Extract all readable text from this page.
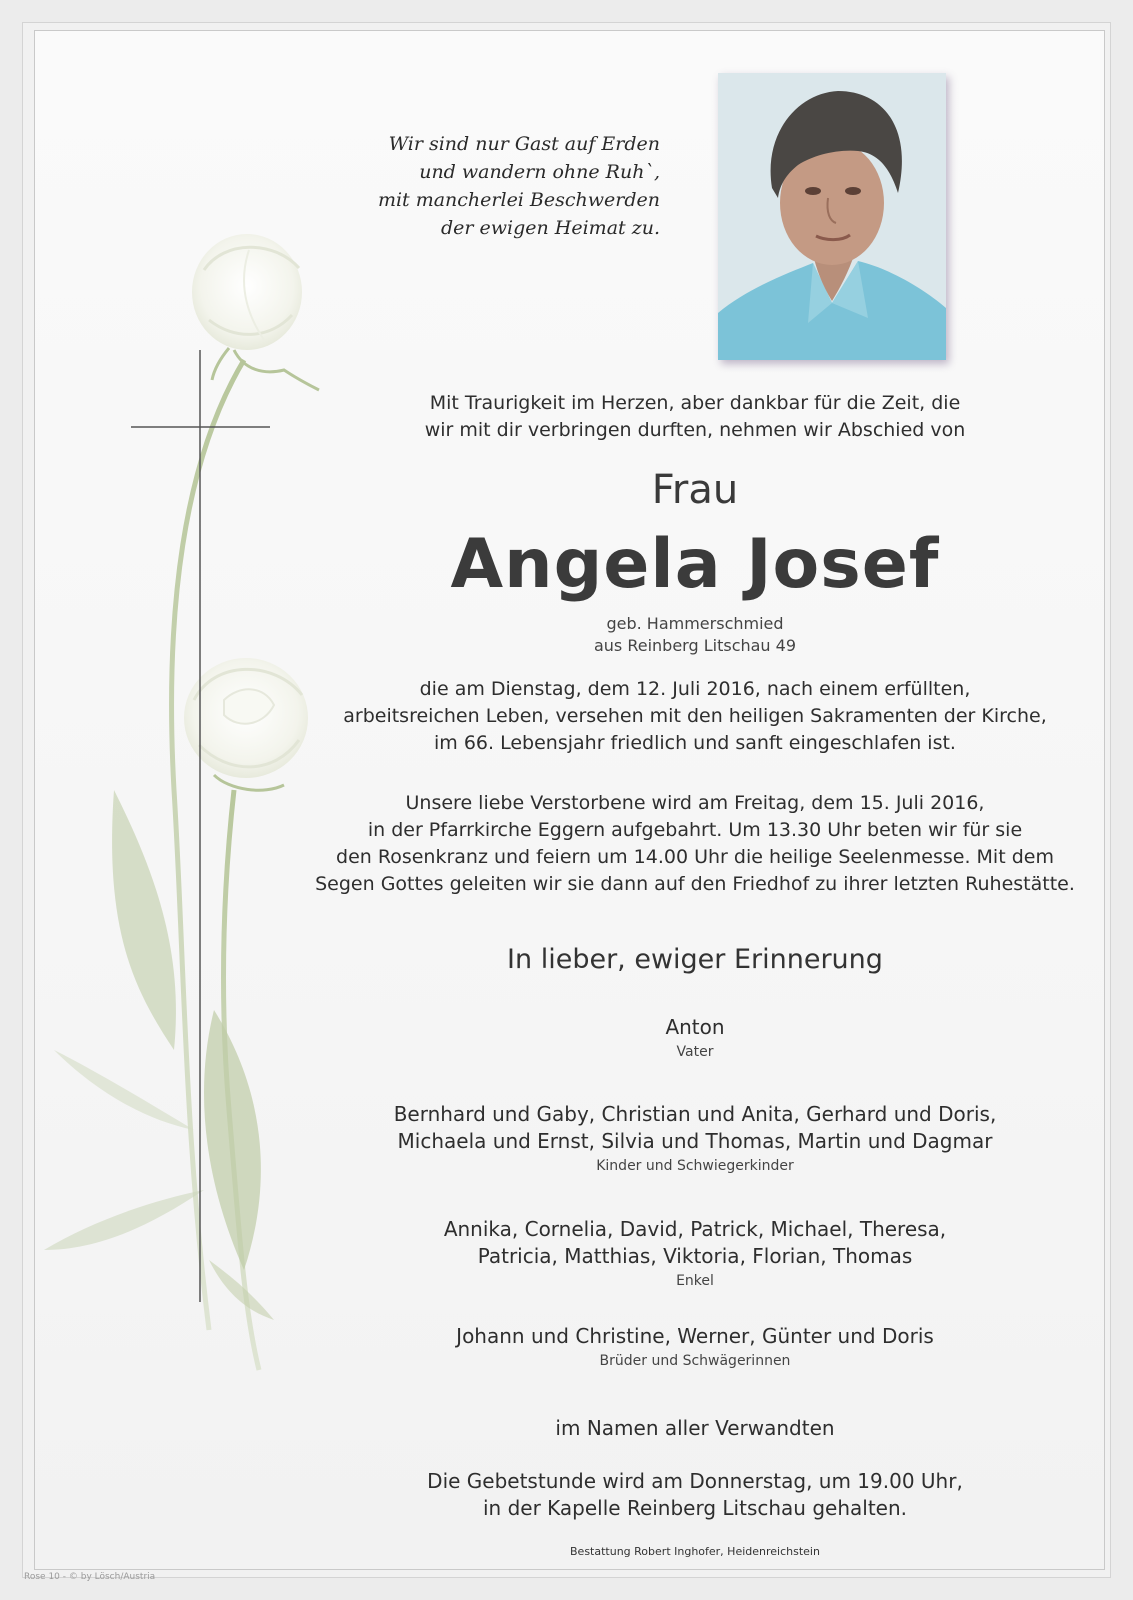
Wir sind nur Gast auf Erden
und wandern ohne Ruh`,
mit mancherlei Beschwerden
der ewigen Heimat zu.
Mit Traurigkeit im Herzen, aber dankbar für die Zeit, die
wir mit dir verbringen durften, nehmen wir Abschied von
Frau
Angela Josef
geb. Hammerschmied
aus Reinberg Litschau 49
die am Dienstag, dem 12. Juli 2016, nach einem erfüllten,
arbeitsreichen Leben, versehen mit den heiligen Sakramenten der Kirche,
im 66. Lebensjahr friedlich und sanft eingeschlafen ist.
Unsere liebe Verstorbene wird am Freitag, dem 15. Juli 2016,
in der Pfarrkirche Eggern aufgebahrt. Um 13.30 Uhr beten wir für sie
den Rosenkranz und feiern um 14.00 Uhr die heilige Seelenmesse. Mit dem
Segen Gottes geleiten wir sie dann auf den Friedhof zu ihrer letzten Ruhestätte.
In lieber, ewiger Erinnerung
Anton
Vater
Bernhard und Gaby, Christian und Anita, Gerhard und Doris,
Michaela und Ernst, Silvia und Thomas, Martin und Dagmar
Kinder und Schwiegerkinder
Annika, Cornelia, David, Patrick, Michael, Theresa,
Patricia, Matthias, Viktoria, Florian, Thomas
Enkel
Johann und Christine, Werner, Günter und Doris
Brüder und Schwägerinnen
im Namen aller Verwandten
Die Gebetstunde wird am Donnerstag, um 19.00 Uhr,
in der Kapelle Reinberg Litschau gehalten.
Bestattung Robert Inghofer, Heidenreichstein
Rose 10 - © by Lösch/Austria
